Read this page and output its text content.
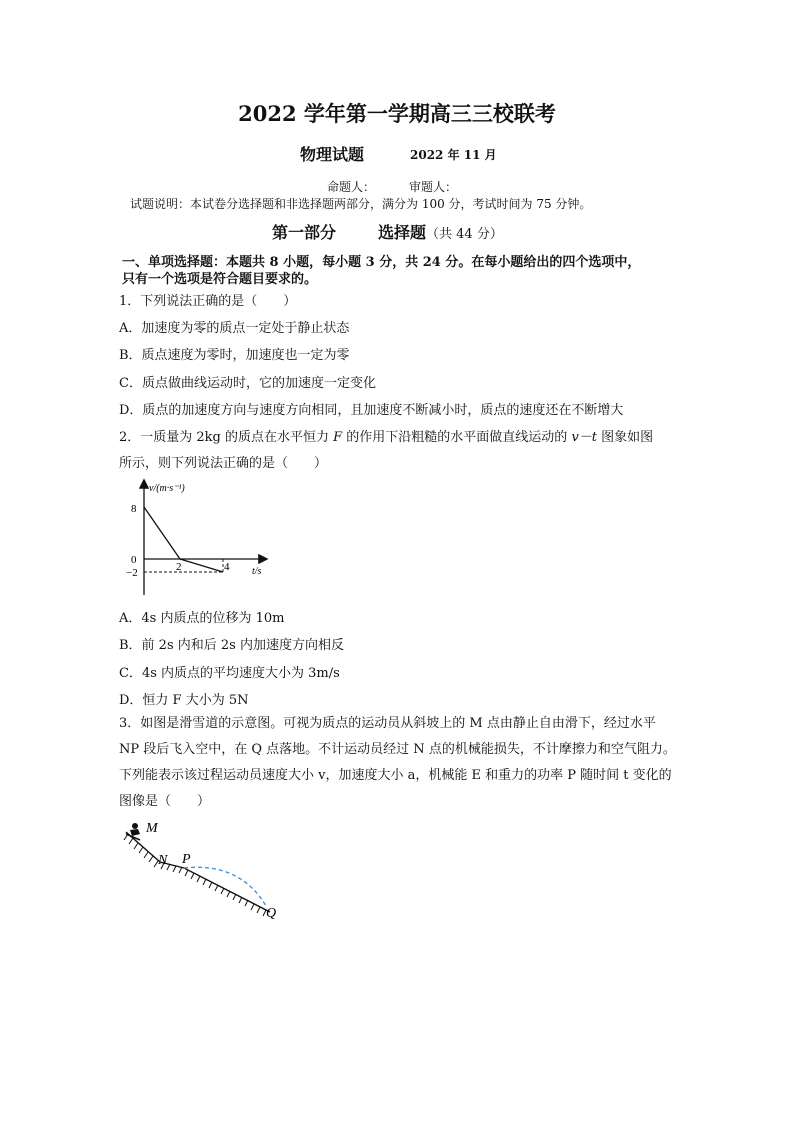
2022 学年第一学期高三三校联考
物理试题	2022 年 11 月
命题人：	审题人：
试题说明：本试卷分选择题和非选择题两部分，满分为 100 分，考试时间为 75 分钟。
第一部分	选择题（共 44 分）
一、单项选择题：本题共 8 小题，每小题 3 分，共 24 分。在每小题给出的四个选项中，
只有一个选项是符合题目要求的。
1．下列说法正确的是（　　）
A．加速度为零的质点一定处于静止状态
B．质点速度为零时，加速度也一定为零
C．质点做曲线运动时，它的加速度一定变化
D．质点的加速度方向与速度方向相同，且加速度不断减小时，质点的速度还在不断增大
2．一质量为 2kg 的质点在水平恒力 F 的作用下沿粗糙的水平面做直线运动的 v－t 图象如图
所示，则下列说法正确的是（　　）
v/(m·s⁻¹)
t/s
8
0
−2	2	4
A．4s 内质点的位移为 10m
B．前 2s 内和后 2s 内加速度方向相反
C．4s 内质点的平均速度大小为 3m/s
D．恒力 F 大小为 5N
3．如图是滑雪道的示意图。可视为质点的运动员从斜坡上的 M 点由静止自由滑下，经过水平 NP 段后飞入空中，在 Q 点落地。不计运动员经过 N 点的机械能损失，不计摩擦力和空气阻力。下列能表示该过程运动员速度大小 v，加速度大小 a，机械能 E 和重力的功率 P 随时间 t 变化的图像是（　　）
M
N P
Q
